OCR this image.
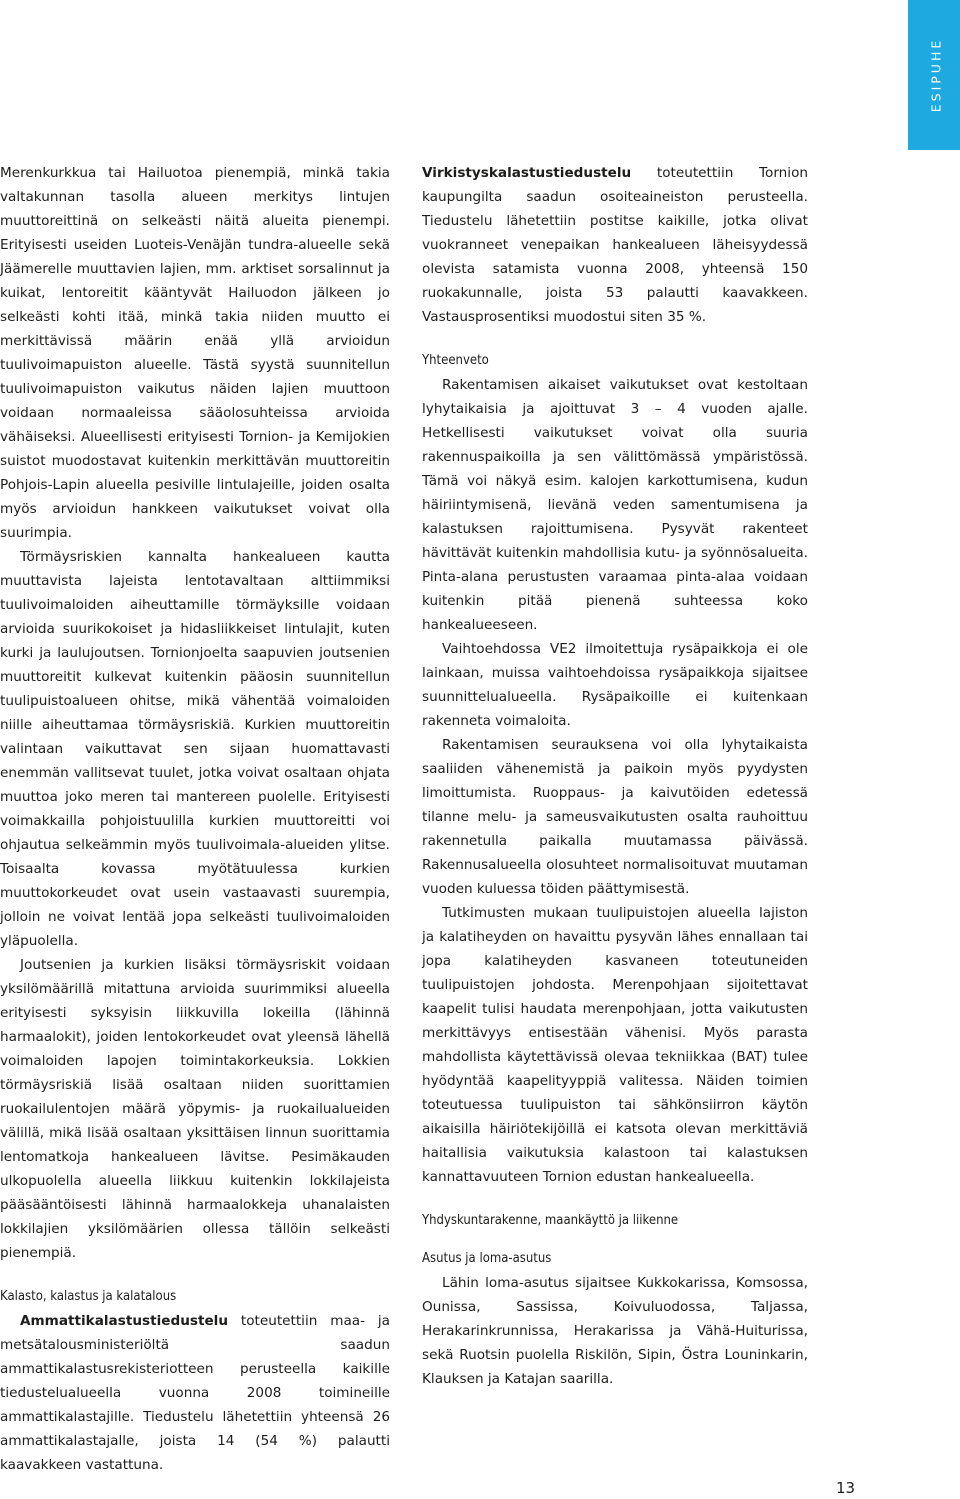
ESIPUHE

Merenkurkkua tai Hailuotoa pienempiä, minkä takia valtakunnan tasolla alueen merkitys lintujen muuttoreittinä on selkeästi näitä alueita pienempi. Erityisesti useiden Luoteis-Venäjän tundra-alueelle sekä Jäämerelle muuttavien lajien, mm. arktiset sorsalinnut ja kuikat, lentoreitit kääntyvät Hailuodon jälkeen jo selkeästi kohti itää, minkä takia niiden muutto ei merkittävissä määrin enää yllä arvioidun tuulivoimapuiston alueelle. Tästä syystä suunnitellun tuulivoimapuiston vaikutus näiden lajien muuttoon voidaan normaaleissa sääolosuhteissa arvioida vähäiseksi. Alueellisesti erityisesti Tornion- ja Kemijokien suistot muodostavat kuitenkin merkittävän muuttoreitin Pohjois-Lapin alueella pesiville lintulajeille, joiden osalta myös arvioidun hankkeen vaikutukset voivat olla suurimpia.

Törmäysriskien kannalta hankealueen kautta muuttavista lajeista lentotavaltaan alttiimmiksi tuulivoimaloiden aiheuttamille törmäyksille voidaan arvioida suurikokoiset ja hidasliikkeiset lintulajit, kuten kurki ja laulujoutsen. Tornionjoelta saapuvien joutsenien muuttoreitit kulkevat kuitenkin pääosin suunnitellun tuulipuistoalueen ohitse, mikä vähentää voimaloiden niille aiheuttamaa törmäysriskiä. Kurkien muuttoreitin valintaan vaikuttavat sen sijaan huomattavasti enemmän vallitsevat tuulet, jotka voivat osaltaan ohjata muuttoa joko meren tai mantereen puolelle. Erityisesti voimakkailla pohjoistuulilla kurkien muuttoreitti voi ohjautua selkeämmin myös tuulivoimala-alueiden ylitse. Toisaalta kovassa myötätuulessa kurkien muuttokorkeudet ovat usein vastaavasti suurempia, jolloin ne voivat lentää jopa selkeästi tuulivoimaloiden yläpuolella.

Joutsenien ja kurkien lisäksi törmäysriskit voidaan yksilömäärillä mitattuna arvioida suurimmiksi alueella erityisesti syksyisin liikkuvilla lokeilla (lähinnä harmaalokit), joiden lentokorkeudet ovat yleensä lähellä voimaloiden lapojen toimintakorkeuksia. Lokkien törmäysriskiä lisää osaltaan niiden suorittamien ruokailulentojen määrä yöpymis- ja ruokailualueiden välillä, mikä lisää osaltaan yksittäisen linnun suorittamia lentomatkoja hankealueen lävitse. Pesimäkauden ulkopuolella alueella liikkuu kuitenkin lokkilajeista pääsääntöisesti lähinnä harmaalokkeja uhanalaisten lokkilajien yksilömäärien ollessa tällöin selkeästi pienempiä.

Kalasto, kalastus ja kalatalous

Ammattikalastustiedustelu toteutettiin maa- ja metsätalousministeriöltä saadun ammattikalastusrekisteriotteen perusteella kaikille tiedustelualueella vuonna 2008 toimineille ammattikalastajille. Tiedustelu lähetettiin yhteensä 26 ammattikalastajalle, joista 14 (54 %) palautti kaavakkeen vastattuna.

Virkistyskalastustiedustelu toteutettiin Tornion kaupungilta saadun osoiteaineiston perusteella. Tiedustelu lähetettiin postitse kaikille, jotka olivat vuokranneet venepaikan hankealueen läheisyydessä olevista satamista vuonna 2008, yhteensä 150 ruokakunnalle, joista 53 palautti kaavakkeen. Vastausprosentiksi muodostui siten 35 %.

Yhteenveto

Rakentamisen aikaiset vaikutukset ovat kestoltaan lyhytaikaisia ja ajoittuvat 3 – 4 vuoden ajalle. Hetkellisesti vaikutukset voivat olla suuria rakennuspaikoilla ja sen välittömässä ympäristössä. Tämä voi näkyä esim. kalojen karkottumisena, kudun häiriintymisenä, lievänä veden samentumisena ja kalastuksen rajoittumisena. Pysyvät rakenteet hävittävät kuitenkin mahdollisia kutu- ja syönnösalueita. Pinta-alana perustusten varaamaa pinta-alaa voidaan kuitenkin pitää pienenä suhteessa koko hankealueeseen.

Vaihtoehdossa VE2 ilmoitettuja rysäpaikkoja ei ole lainkaan, muissa vaihtoehdoissa rysäpaikkoja sijaitsee suunnittelualueella. Rysäpaikoille ei kuitenkaan rakenneta voimaloita.

Rakentamisen seurauksena voi olla lyhytaikaista saaliiden vähenemistä ja paikoin myös pyydysten limoittumista. Ruoppaus- ja kaivutöiden edetessä tilanne melu- ja sameusvaikutusten osalta rauhoittuu rakennetulla paikalla muutamassa päivässä. Rakennusalueella olosuhteet normalisoituvat muutaman vuoden kuluessa töiden päättymisestä.

Tutkimusten mukaan tuulipuistojen alueella lajiston ja kalatiheyden on havaittu pysyvän lähes ennallaan tai jopa kalatiheyden kasvaneen toteutuneiden tuulipuistojen johdosta. Merenpohjaan sijoitettavat kaapelit tulisi haudata merenpohjaan, jotta vaikutusten merkittävyys entisestään vähenisi. Myös parasta mahdollista käytettävissä olevaa tekniikkaa (BAT) tulee hyödyntää kaapelityyppiä valitessa. Näiden toimien toteutuessa tuulipuiston tai sähkönsiirron käytön aikaisilla häiriötekijöillä ei katsota olevan merkittäviä haitallisia vaikutuksia kalastoon tai kalastuksen kannattavuuteen Tornion edustan hankealueella.

Yhdyskuntarakenne, maankäyttö ja liikenne
Asutus ja loma-asutus

Lähin loma-asutus sijaitsee Kukkokarissa, Komsossa, Ounissa, Sassissa, Koivuluodossa, Taljassa, Herakarinkrunnissa, Herakarissa ja Vähä-Huiturissa, sekä Ruotsin puolella Riskilön, Sipin, Östra Louninkarin, Klauksen ja Katajan saarilla.

13
